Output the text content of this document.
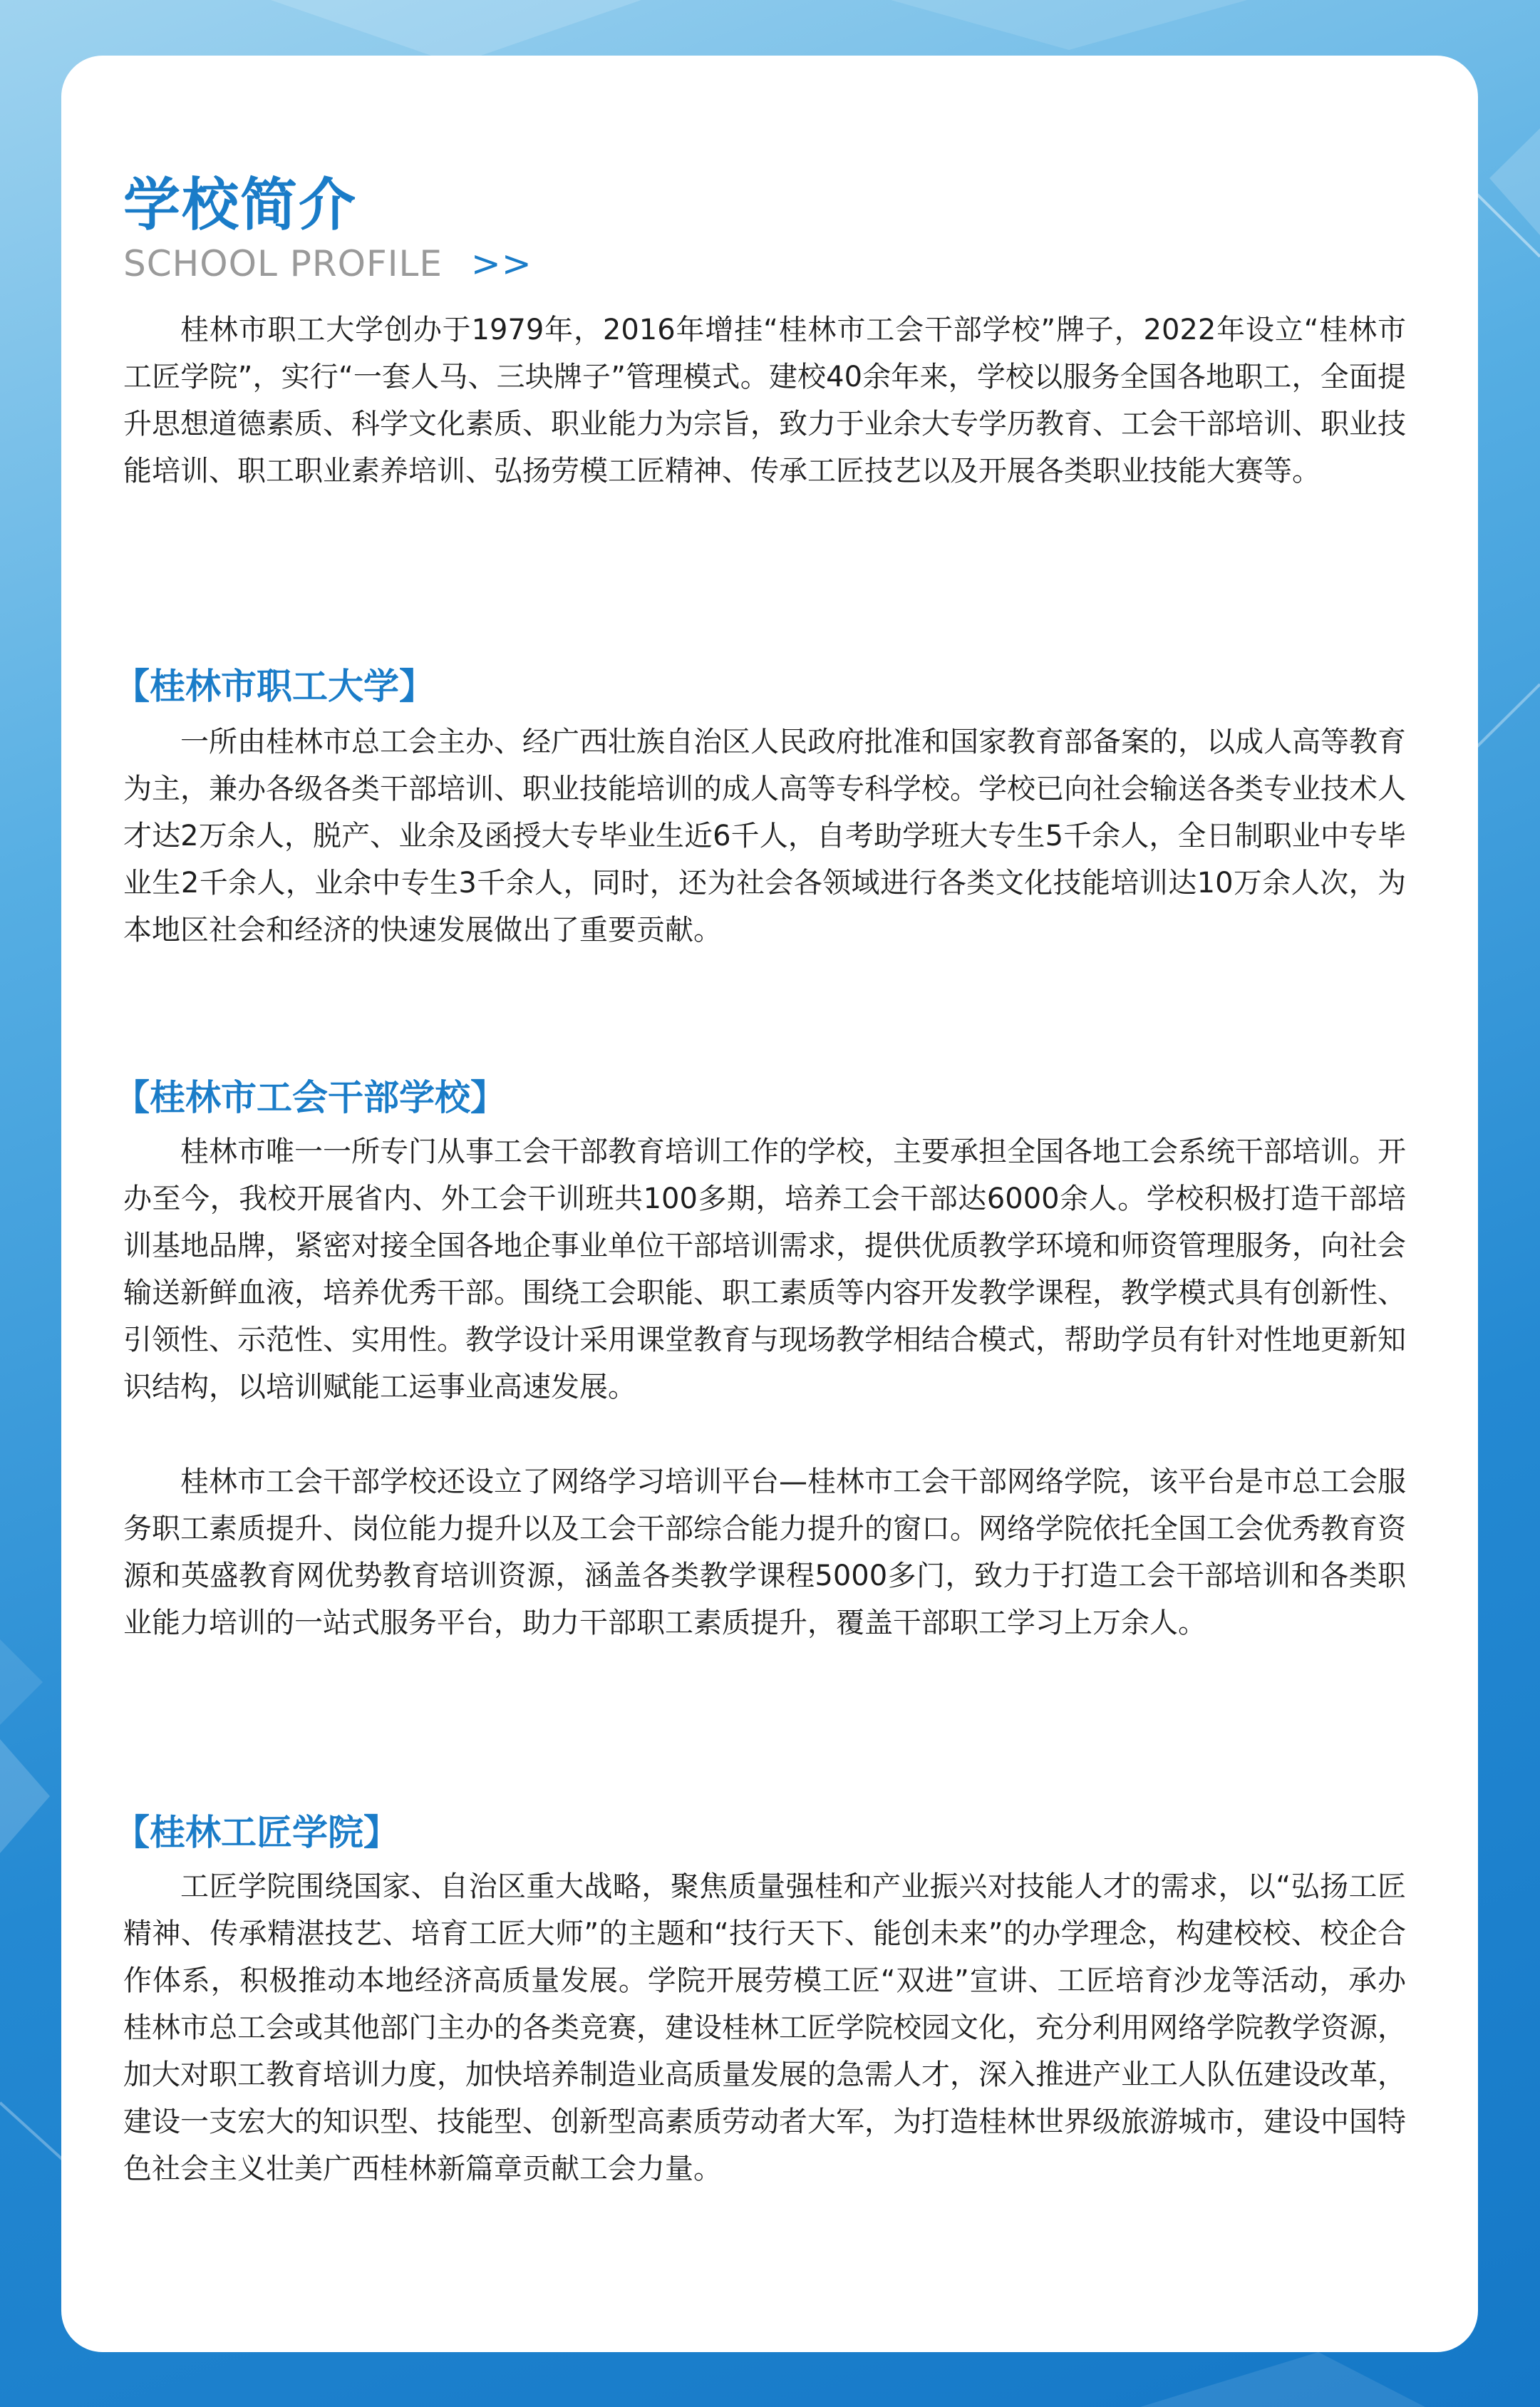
学校简介

SCHOOL PROFILE >>

桂林市职工大学创办于1979年，2016年增挂“桂林市工会干部学校”牌子，2022年设立“桂林市工匠学院”，实行“一套人马、三块牌子”管理模式。建校40余年来，学校以服务全国各地职工，全面提升思想道德素质、科学文化素质、职业能力为宗旨，致力于业余大专学历教育、工会干部培训、职业技能培训、职工职业素养培训、弘扬劳模工匠精神、传承工匠技艺以及开展各类职业技能大赛等。

【桂林市职工大学】

一所由桂林市总工会主办、经广西壮族自治区人民政府批准和国家教育部备案的，以成人高等教育为主，兼办各级各类干部培训、职业技能培训的成人高等专科学校。学校已向社会输送各类专业技术人才达2万余人，脱产、业余及函授大专毕业生近6千人，自考助学班大专生5千余人，全日制职业中专毕业生2千余人，业余中专生3千余人，同时，还为社会各领域进行各类文化技能培训达10万余人次，为本地区社会和经济的快速发展做出了重要贡献。

【桂林市工会干部学校】

桂林市唯一一所专门从事工会干部教育培训工作的学校，主要承担全国各地工会系统干部培训。开办至今，我校开展省内、外工会干训班共100多期，培养工会干部达6000余人。学校积极打造干部培训基地品牌，紧密对接全国各地企事业单位干部培训需求，提供优质教学环境和师资管理服务，向社会输送新鲜血液，培养优秀干部。围绕工会职能、职工素质等内容开发教学课程，教学模式具有创新性、引领性、示范性、实用性。教学设计采用课堂教育与现场教学相结合模式，帮助学员有针对性地更新知识结构，以培训赋能工运事业高速发展。

桂林市工会干部学校还设立了网络学习培训平台—桂林市工会干部网络学院，该平台是市总工会服务职工素质提升、岗位能力提升以及工会干部综合能力提升的窗口。网络学院依托全国工会优秀教育资源和英盛教育网优势教育培训资源，涵盖各类教学课程5000多门，致力于打造工会干部培训和各类职业能力培训的一站式服务平台，助力干部职工素质提升，覆盖干部职工学习上万余人。

【桂林工匠学院】

工匠学院围绕国家、自治区重大战略，聚焦质量强桂和产业振兴对技能人才的需求，以“弘扬工匠精神、传承精湛技艺、培育工匠大师”的主题和“技行天下、能创未来”的办学理念，构建校校、校企合作体系，积极推动本地经济高质量发展。学院开展劳模工匠“双进”宣讲、工匠培育沙龙等活动，承办桂林市总工会或其他部门主办的各类竞赛，建设桂林工匠学院校园文化，充分利用网络学院教学资源，加大对职工教育培训力度，加快培养制造业高质量发展的急需人才，深入推进产业工人队伍建设改革，建设一支宏大的知识型、技能型、创新型高素质劳动者大军，为打造桂林世界级旅游城市，建设中国特色社会主义壮美广西桂林新篇章贡献工会力量。
